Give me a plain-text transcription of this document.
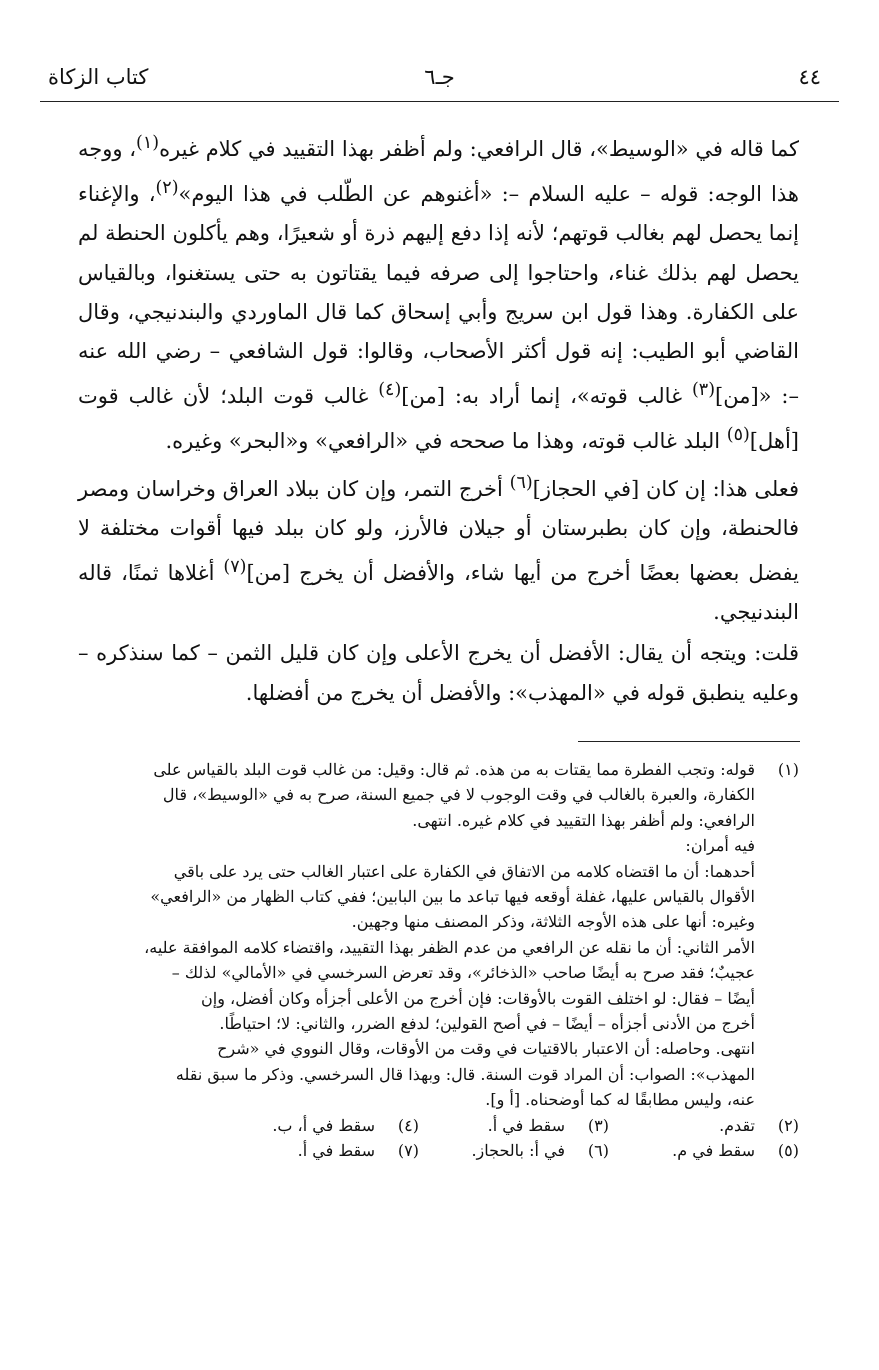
٤٤
جـ٦
كتاب الزكاة

كما قاله في «الوسيط»، قال الرافعي: ولم أظفر بهذا التقييد في كلام غيره$^{(١)}$، ووجه هذا الوجه: قوله – عليه السلام –: «أغنوهم عن الطّلب في هذا اليوم»$^{(٢)}$، والإغناء إنما يحصل لهم بغالب قوتهم؛ لأنه إذا دفع إليهم ذرة أو شعيرًا، وهم يأكلون الحنطة لم يحصل لهم بذلك غناء، واحتاجوا إلى صرفه فيما يقتاتون به حتى يستغنوا، وبالقياس على الكفارة. وهذا قول ابن سريج وأبي إسحاق كما قال الماوردي والبندنيجي، وقال القاضي أبو الطيب: إنه قول أكثر الأصحاب، وقالوا: قول الشافعي – رضي الله عنه –: «[من]$^{(٣)}$ غالب قوته»، إنما أراد به: [من]$^{(٤)}$ غالب قوت البلد؛ لأن غالب قوت [أهل]$^{(٥)}$ البلد غالب قوته، وهذا ما صححه في «الرافعي» و«البحر» وغيره.

فعلى هذا: إن كان [في الحجاز]$^{(٦)}$ أخرج التمر، وإن كان ببلاد العراق وخراسان ومصر فالحنطة، وإن كان بطبرستان أو جيلان فالأرز، ولو كان ببلد فيها أقوات مختلفة لا يفضل بعضها بعضًا أخرج من أيها شاء، والأفضل أن يخرج [من]$^{(٧)}$ أغلاها ثمنًا، قاله البندنيجي.

قلت: ويتجه أن يقال: الأفضل أن يخرج الأعلى وإن كان قليل الثمن – كما سنذكره – وعليه ينطبق قوله في «المهذب»: والأفضل أن يخرج من أفضلها.

(١)
قوله: وتجب الفطرة مما يقتات به من هذه. ثم قال: وقيل: من غالب قوت البلد بالقياس على
الكفارة، والعبرة بالغالب في وقت الوجوب لا في جميع السنة، صرح به في «الوسيط»، قال
الرافعي: ولم أظفر بهذا التقييد في كلام غيره. انتهى.
فيه أمران:
أحدهما: أن ما اقتضاه كلامه من الاتفاق في الكفارة على اعتبار الغالب حتى يرد على باقي
الأقوال بالقياس عليها، غفلة أوقعه فيها تباعد ما بين البابين؛ ففي كتاب الظهار من «الرافعي»
وغيره: أنها على هذه الأوجه الثلاثة، وذكر المصنف منها وجهين.
الأمر الثاني: أن ما نقله عن الرافعي من عدم الظفر بهذا التقييد، واقتضاء كلامه الموافقة عليه،
عجيبٌ؛ فقد صرح به أيضًا صاحب «الذخائر»، وقد تعرض السرخسي في «الأمالي» لذلك –
أيضًا – فقال: لو اختلف القوت بالأوقات: فإن أخرج من الأعلى أجزأه وكان أفضل، وإن
أخرج من الأدنى أجزأه – أيضًا – في أصح القولين؛ لدفع الضرر، والثاني: لا؛ احتياطًا.
انتهى. وحاصله: أن الاعتبار بالاقتيات في وقت من الأوقات، وقال النووي في «شرح
المهذب»: الصواب: أن المراد قوت السنة. قال: وبهذا قال السرخسي. وذكر ما سبق نقله
عنه، وليس مطابقًا له كما أوضحناه. [أ و].
(٢)
تقدم.
(٣)
سقط في أ.
(٤)
سقط في أ، ب.
(٥)
سقط في م.
(٦)
في أ: بالحجاز.
(٧)
سقط في أ.
